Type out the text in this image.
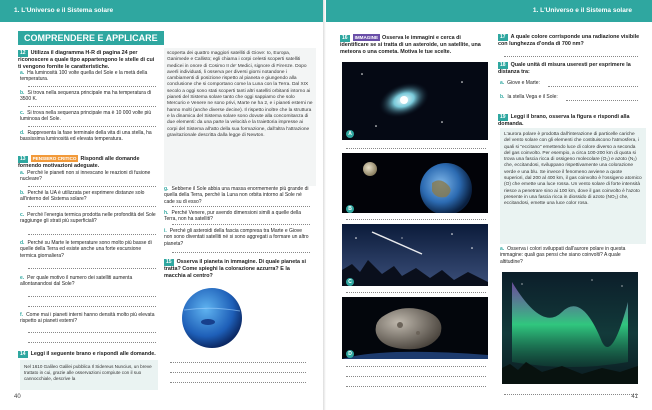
1. L'Universo e il Sistema solare
COMPRENDERE E APPLICARE
12 Utilizza il diagramma H-R di pagina 24 per riconoscere a quale tipo appartengono le stelle di cui ti vengono fornite le caratteristiche.
a. Ha luminosità 100 volte quella del Sole e la metà della temperatura.
b. Si trova nella sequenza principale ma ha temperatura di 3500 K.
c. Si trova nella sequenza principale ma è 10 000 volte più luminosa del Sole.
d. Rappresenta la fase terminale della vita di una stella, ha bassissima luminosità ed elevata temperatura.
13 PENSIERO CRITICO Rispondi alle domande fornendo motivazioni adeguate.
a. Perché le pianeti non si innescano le reazioni di fusione nucleare?
b. Perché la UA è utilizzata per esprimere distanze solo all'interno del Sistema solare?
c. Perché l'energia termica prodotta nelle profondità del Sole raggiunge gli strati più superficiali?
d. Perché su Marte le temperature sono molto più basse di quelle della Terra ed esiste anche una forte escursione termica giornaliera?
e. Per quale motivo il numero dei satelliti aumenta allontanandosi dal Sole?
f. Come mai i pianeti interni hanno densità molto più elevata rispetto ai pianeti esterni?
14 Leggi il seguente brano e rispondi alle domande.
Nel 1610 Galileo Galilei pubblica Il Sidereus Nuncius, un breve trattato in cui, grazie alle osservazioni compiute con il suo cannocchiale, descrive la
scoperta dei quattro maggiori satelliti di Giove: Io, Europa, Ganimede e Callisto; egli chiama i corpi celesti scoperti satelliti medicei in onore di Cosimo II de' Medici, signore di Firenze. Dopo averli individuati, li osserva per diversi giorni notandone i cambiamenti di posizione rispetto al pianeta e giungendo alla conclusione che si comportano come la Luna con la Terra. Dal XIX secolo a oggi sono stati scoperti tanti altri satelliti orbitanti intorno ai pianeti del Sistema solare tanto che oggi sappiamo che solo Mercurio e Venere ne sono privi, Marte ne ha 2, e i pianeti esterni ne hanno molti (anche diverse decine). Il rispetto inoltre che la struttura e la dinamica del Sistema solare sono dovute alla concomitanza di due elementi: da una parte la velocità e la traiettoria impresse ai corpi del Sistema all'atto della sua formazione, dall'altra l'attrazione gravitazionale descritta dalla legge di Newton.
g. Sebbene il Sole abbia una massa enormemente più grande di quella della Terra, perché la Luna non orbita intorno al Sole né cade su di esso?
h. Perché Venere, pur avendo dimensioni simili a quelle della Terra, non ha satelliti?
i. Perché gli asteroidi della fascia compresa tra Marte e Giove non sono diventati satelliti né si sono aggregati a formare un altro pianeta?
15 Osserva il pianeta in immagine. Di quale pianeta si tratta? Come spieghi la colorazione azzurra? E la macchia al centro?
40
1. L'Universo e il Sistema solare
16 IMMAGINE Osserva le immagini e cerca di identificare se si tratta di un asteroide, un satellite, una meteora o una cometa. Motiva le tue scelte.
A
B
C
D
17 A quale colore corrisponde una radiazione visibile con lunghezza d'onda di 700 nm?
18 Quale unità di misura useresti per esprimere la distanza tra:
a. Giove e Marte:
b. la stella Vega e il Sole:
19 Leggi il brano, osserva la figura e rispondi alla domanda.
L'aurora polare è prodotta dall'interazione di particelle cariche del vento solare con gli elementi che costituiscono l'atmosfera, i quali si "eccitano" emettendo luce di colore diverso a seconda del gas coinvolto. Per esempio, a circa 100-200 km di quota si trova una fascia ricca di ossigeno molecolare (O₂) e azoto (N₂) che, eccitandosi, sviluppano rispettivamente una colorazione verde e una blu. Se invece il fenomeno avviene a quote superiori, dal 200 al 400 km, il gas coinvolto è l'ossigeno atomico (O) che emette una luce rossa. Un vento solare di forte intensità riesce a penetrare sino ai 100 km, dove il gas coinvolto è l'azoto presente in una fascia ricca in diossido di azoto (NO₂) che, eccitandosi, emette una luce color rosa.
a. Osserva i colori sviluppati dall'aurore polare in questa immagine: quali gas pensi che siano coinvolti? A quale altitudine?
41
